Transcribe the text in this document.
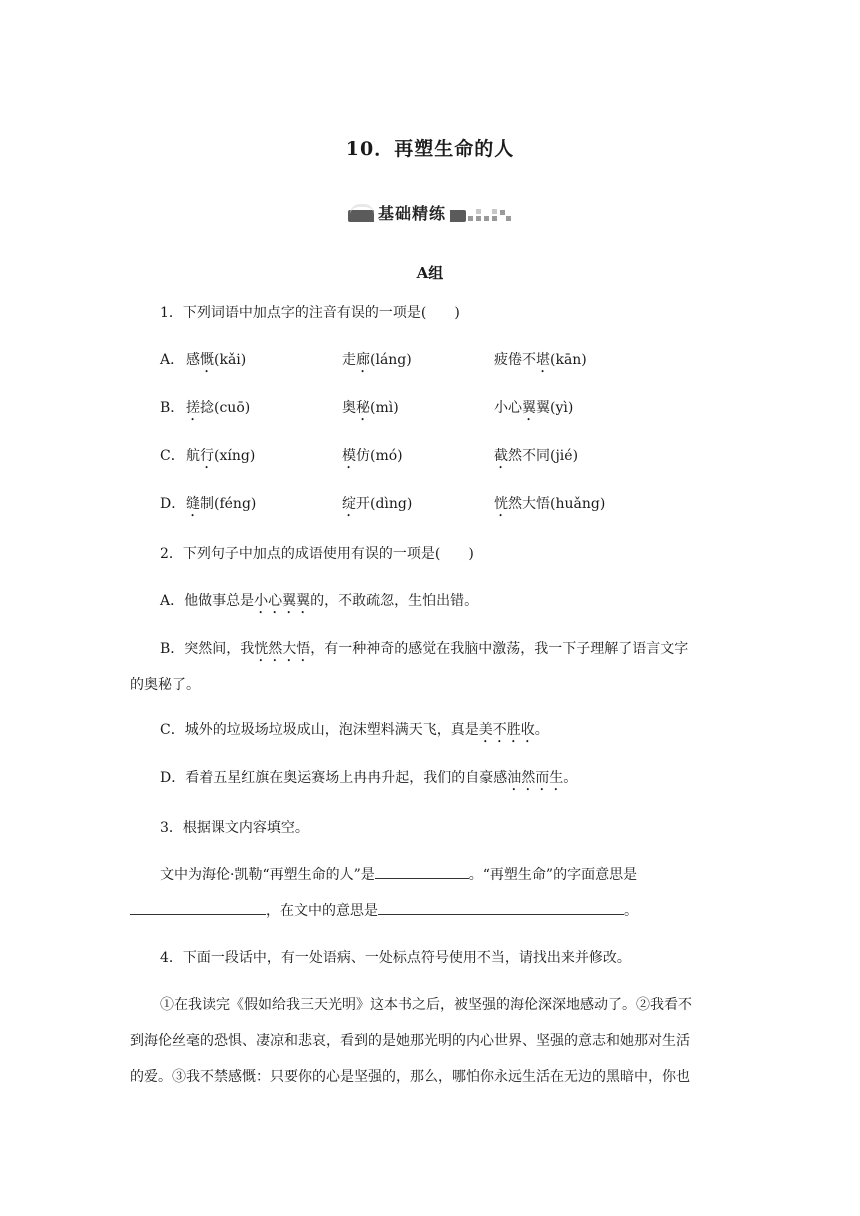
10．再塑生命的人
基础精练
A组
1．下列词语中加点字的注音有误的一项是(　　)
A． 感慨(kǎi)	走廊(láng)	疲倦不堪(kān)
B． 搓捻(cuō)	奥秘(mì)	小心翼翼(yì)
C． 航行(xíng)	模仿(mó)	截然不同(jié)
D． 缝制(féng)	绽开(dìng)	恍然大悟(huǎng)
2．下列句子中加点的成语使用有误的一项是(　　)
A．他做事总是小心翼翼的，不敢疏忽，生怕出错。
B．突然间，我恍然大悟，有一种神奇的感觉在我脑中激荡，我一下子理解了语言文字
的奥秘了。
C．城外的垃圾场垃圾成山，泡沫塑料满天飞，真是美不胜收。
D．看着五星红旗在奥运赛场上冉冉升起，我们的自豪感油然而生。
3．根据课文内容填空。
文中为海伦·凯勒“再塑生命的人”是	。“再塑生命”的字面意思是
，在文中的意思是	。
4．下面一段话中，有一处语病、一处标点符号使用不当，请找出来并修改。
①在我读完《假如给我三天光明》这本书之后，被坚强的海伦深深地感动了。②我看不
到海伦丝毫的恐惧、凄凉和悲哀，看到的是她那光明的内心世界、坚强的意志和她那对生活
的爱。③我不禁感慨：只要你的心是坚强的，那么，哪怕你永远生活在无边的黑暗中，你也
